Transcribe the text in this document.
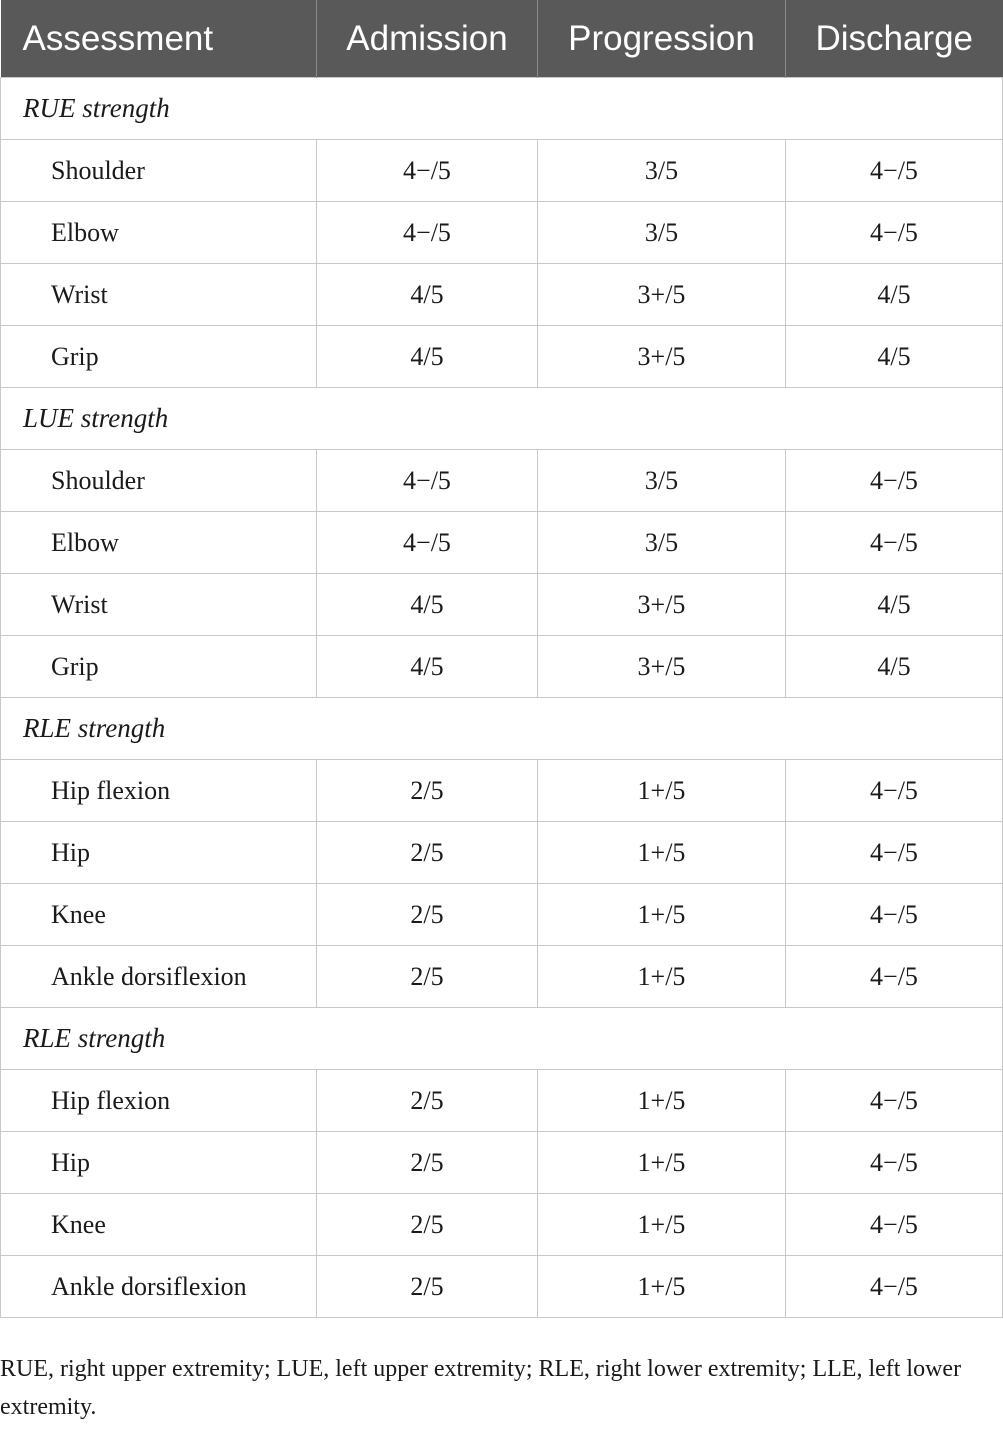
Assessment	Admission	Progression	Discharge
RUE strength			
Shoulder	4−/5	3/5	4−/5
Elbow	4−/5	3/5	4−/5
Wrist	4/5	3+/5	4/5
Grip	4/5	3+/5	4/5
LUE strength			
Shoulder	4−/5	3/5	4−/5
Elbow	4−/5	3/5	4−/5
Wrist	4/5	3+/5	4/5
Grip	4/5	3+/5	4/5
RLE strength			
Hip flexion	2/5	1+/5	4−/5
Hip	2/5	1+/5	4−/5
Knee	2/5	1+/5	4−/5
Ankle dorsiflexion	2/5	1+/5	4−/5
RLE strength			
Hip flexion	2/5	1+/5	4−/5
Hip	2/5	1+/5	4−/5
Knee	2/5	1+/5	4−/5
Ankle dorsiflexion	2/5	1+/5	4−/5
RUE, right upper extremity; LUE, left upper extremity; RLE, right lower extremity; LLE, left lower extremity.
